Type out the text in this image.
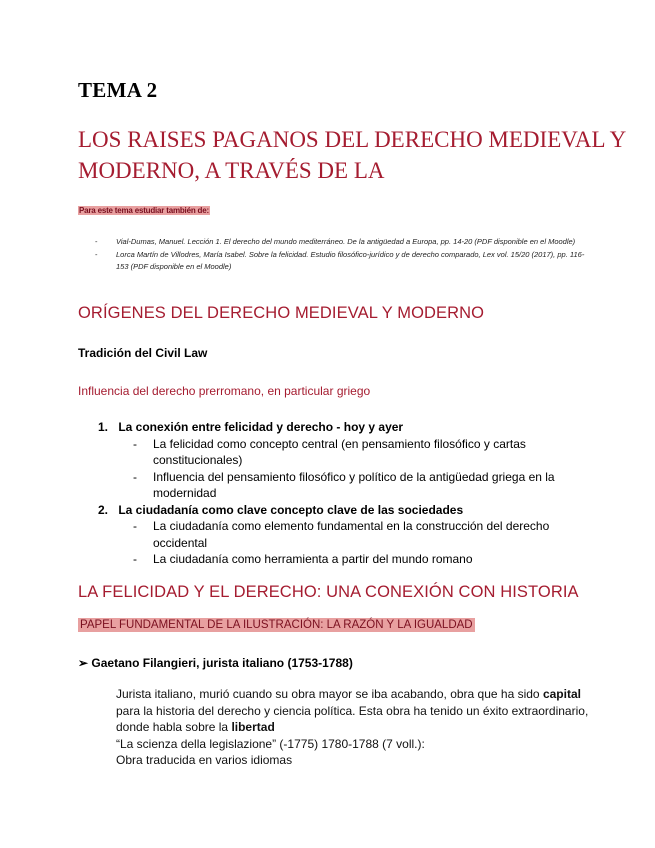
TEMA 2
LOS RAISES PAGANOS DEL DERECHO MEDIEVAL Y MODERNO, A TRAVÉS DE LA
Para este tema estudiar también de:
- Vial-Dumas, Manuel. Lección 1. El derecho del mundo mediterráneo. De la antigüedad a Europa, pp. 14-20 (PDF disponible en el Moodle)
- Lorca Martín de Villodres, María Isabel. Sobre la felicidad. Estudio filosófico-jurídico y de derecho comparado, Lex vol. 15/20 (2017), pp. 116-153 (PDF disponible en el Moodle)
ORÍGENES DEL DERECHO MEDIEVAL Y MODERNO
Tradición del Civil Law
Influencia del derecho prerromano, en particular griego
1. La conexión entre felicidad y derecho - hoy y ayer
- La felicidad como concepto central (en pensamiento filosófico y cartas constitucionales)
- Influencia del pensamiento filosófico y político de la antigüedad griega en la modernidad
2. La ciudadanía como clave concepto clave de las sociedades
- La ciudadanía como elemento fundamental en la construcción del derecho occidental
- La ciudadanía como herramienta a partir del mundo romano
LA FELICIDAD Y EL DERECHO: UNA CONEXIÓN CON HISTORIA
PAPEL FUNDAMENTAL DE LA ILUSTRACIÓN: LA RAZÓN Y LA IGUALDAD
➢ Gaetano Filangieri, jurista italiano (1753-1788)

Jurista italiano, murió cuando su obra mayor se iba acabando, obra que ha sido capital para la historia del derecho y ciencia política. Esta obra ha tenido un éxito extraordinario, donde habla sobre la libertad

“La scienza della legislazione” (-1775) 1780-1788 (7 voll.):

Obra traducida en varios idiomas
